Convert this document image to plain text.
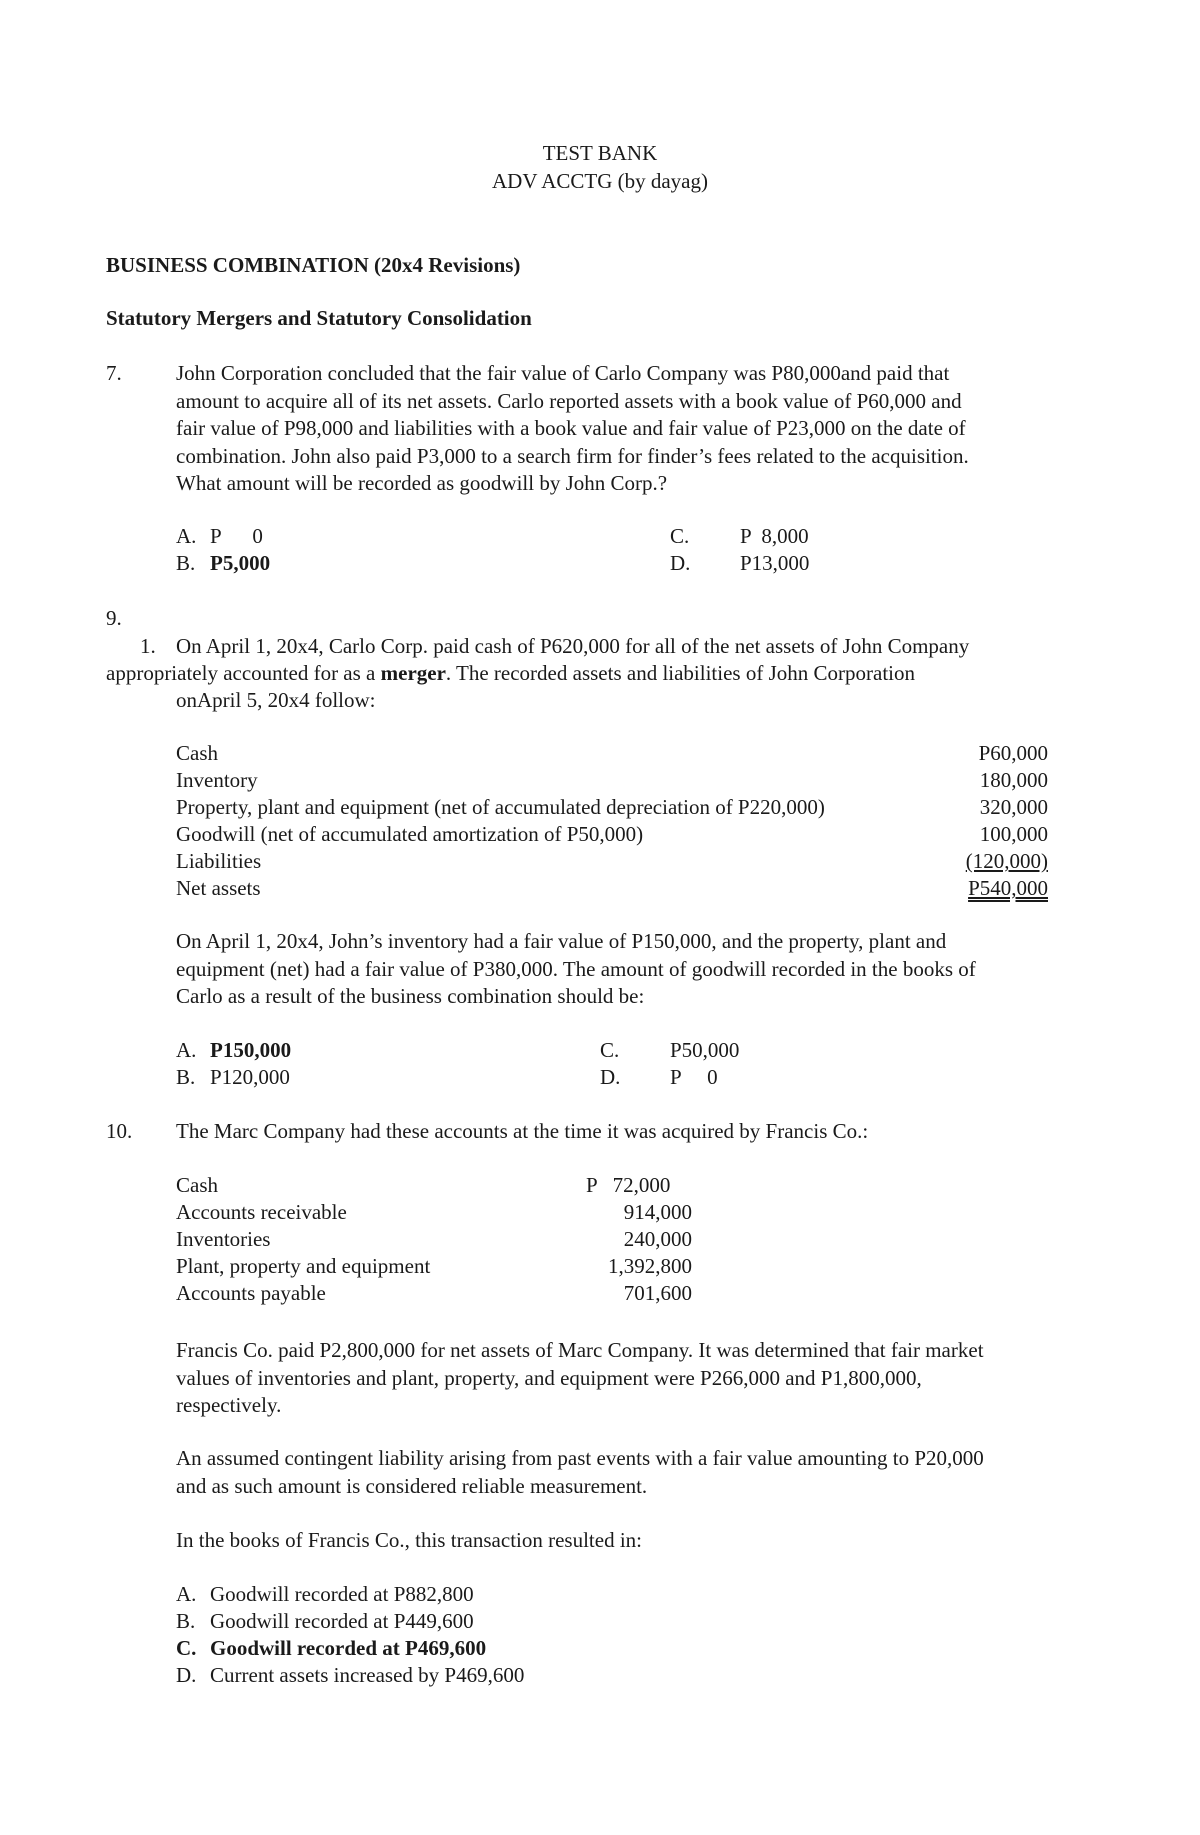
TEST BANK
ADV ACCTG (by dayag)
BUSINESS COMBINATION (20x4 Revisions)
Statutory Mergers and Statutory Consolidation
7.	John Corporation concluded that the fair value of Carlo Company was P80,000and paid that
amount to acquire all of its net assets. Carlo reported assets with a book value of P60,000 and
fair value of P98,000 and liabilities with a book value and fair value of P23,000 on the date of
combination. John also paid P3,000 to a search firm for finder’s fees related to the acquisition.
What amount will be recorded as goodwill by John Corp.?
A. P      0
B. P5,000
C. P  8,000
D. P13,000
9.
1. On April 1, 20x4, Carlo Corp. paid cash of P620,000 for all of the net assets of John Company
appropriately accounted for as a merger. The recorded assets and liabilities of John Corporation
onApril 5, 20x4 follow:
Cash	P60,000
Inventory	180,000
Property, plant and equipment (net of accumulated depreciation of P220,000)	320,000
Goodwill (net of accumulated amortization of P50,000)	100,000
Liabilities	(120,000)
Net assets	P540,000
On April 1, 20x4, John’s inventory had a fair value of P150,000, and the property, plant and
equipment (net) had a fair value of P380,000. The amount of goodwill recorded in the books of
Carlo as a result of the business combination should be:
A. P150,000
B. P120,000
C. P50,000
D. P     0
10. The Marc Company had these accounts at the time it was acquired by Francis Co.:
Cash	P   72,000
Accounts receivable	914,000
Inventories	240,000
Plant, property and equipment	1,392,800
Accounts payable	701,600
Francis Co. paid P2,800,000 for net assets of Marc Company. It was determined that fair market
values of inventories and plant, property, and equipment were P266,000 and P1,800,000,
respectively.
An assumed contingent liability arising from past events with a fair value amounting to P20,000
and as such amount is considered reliable measurement.
In the books of Francis Co., this transaction resulted in:
A. Goodwill recorded at P882,800
B. Goodwill recorded at P449,600
C. Goodwill recorded at P469,600
D. Current assets increased by P469,600
